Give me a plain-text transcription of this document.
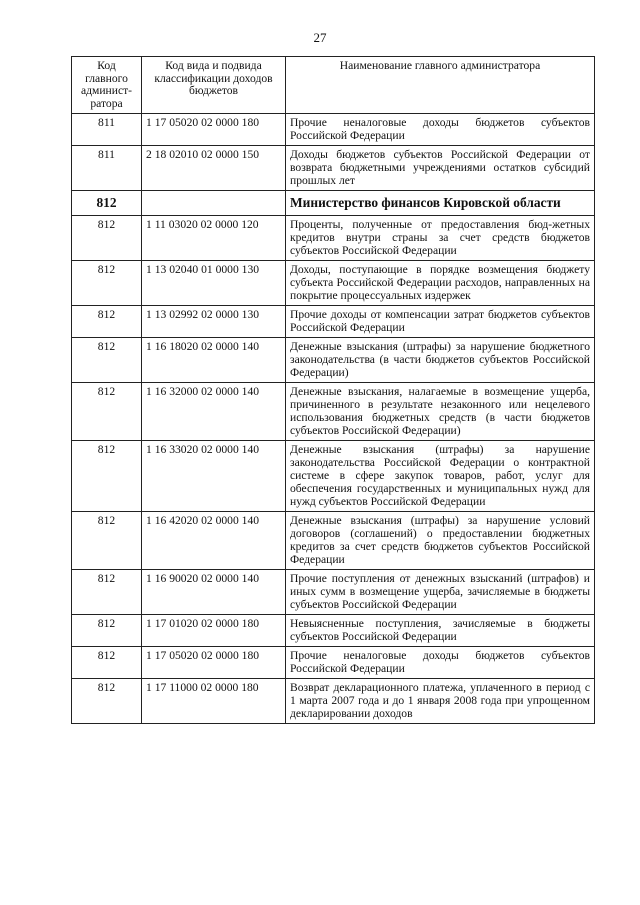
27
Код главного админист-ратора	Код вида и подвида классификации доходов бюджетов	Наименование главного администратора
811	1 17 05020 02 0000 180	Прочие неналоговые доходы бюджетов субъектов Российской Федерации
811	2 18 02010 02 0000 150	Доходы бюджетов субъектов Российской Федерации от возврата бюджетными учреждениями остатков субсидий прошлых лет
812		Министерство финансов Кировской области
812	1 11 03020 02 0000 120	Проценты, полученные от предоставления бюд-жетных кредитов внутри страны за счет средств бюджетов субъектов Российской Федерации
812	1 13 02040 01 0000 130	Доходы, поступающие в порядке возмещения бюджету субъекта Российской Федерации расходов, направленных на покрытие процессуальных издержек
812	1 13 02992 02 0000 130	Прочие доходы от компенсации затрат бюджетов субъектов Российской Федерации
812	1 16 18020 02 0000 140	Денежные взыскания (штрафы) за нарушение бюджетного законодательства (в части бюджетов субъектов Российской Федерации)
812	1 16 32000 02 0000 140	Денежные взыскания, налагаемые в возмещение ущерба, причиненного в результате незаконного или нецелевого использования бюджетных средств (в части бюджетов субъектов Российской Федерации)
812	1 16 33020 02 0000 140	Денежные взыскания (штрафы) за нарушение законодательства Российской Федерации о контрактной системе в сфере закупок товаров, работ, услуг для обеспечения государственных и муниципальных нужд для нужд субъектов Российской Федерации
812	1 16 42020 02 0000 140	Денежные взыскания (штрафы) за нарушение условий договоров (соглашений) о предоставлении бюджетных кредитов за счет средств бюджетов субъектов Российской Федерации
812	1 16 90020 02 0000 140	Прочие поступления от денежных взысканий (штрафов) и иных сумм в возмещение ущерба, зачисляемые в бюджеты субъектов Российской Федерации
812	1 17 01020 02 0000 180	Невыясненные поступления, зачисляемые в бюджеты субъектов Российской Федерации
812	1 17 05020 02 0000 180	Прочие неналоговые доходы бюджетов субъектов Российской Федерации
812	1 17 11000 02 0000 180	Возврат декларационного платежа, уплаченного в период с 1 марта 2007 года и до 1 января 2008 года при упрощенном декларировании доходов
